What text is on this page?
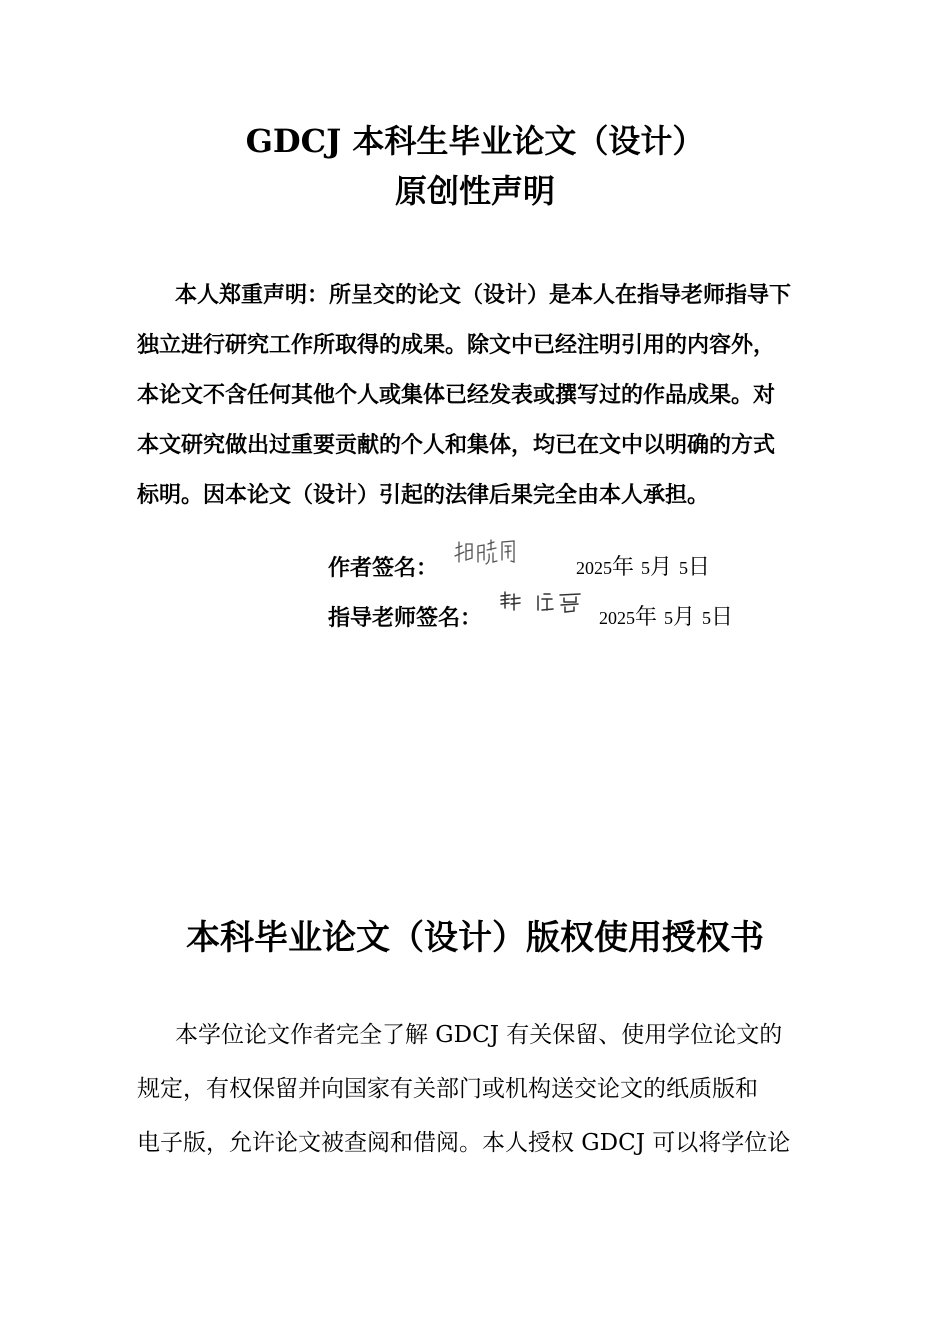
GDCJ 本科生毕业论文（设计）
原创性声明
本人郑重声明：所呈交的论文（设计）是本人在指导老师指导下
独立进行研究工作所取得的成果。除文中已经注明引用的内容外，
本论文不含任何其他个人或集体已经发表或撰写过的作品成果。对
本文研究做出过重要贡献的个人和集体，均已在文中以明确的方式
标明。因本论文（设计）引起的法律后果完全由本人承担。
作者签名：	2025年 5月 5日
指导老师签名：	2025年 5月 5日
本科毕业论文（设计）版权使用授权书
本学位论文作者完全了解 GDCJ 有关保留、使用学位论文的
规定，有权保留并向国家有关部门或机构送交论文的纸质版和
电子版，允许论文被查阅和借阅。本人授权 GDCJ 可以将学位论
